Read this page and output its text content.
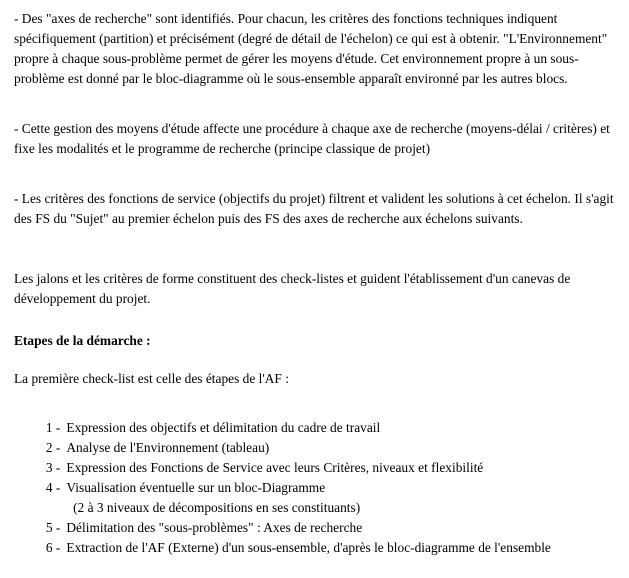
- Des "axes de recherche" sont identifiés. Pour chacun, les critères des fonctions techniques indiquent spécifiquement (partition) et précisément (degré de détail de l'échelon) ce qui est à obtenir. "L'Environnement" propre à chaque sous-problème permet de gérer les moyens d'étude. Cet environnement propre à un sous-problème est donné par le bloc-diagramme où le sous-ensemble apparaît environné par les autres blocs.

- Cette gestion des moyens d'étude affecte une procédure à chaque axe de recherche (moyens-délai / critères) et fixe les modalités et le programme de recherche (principe classique de projet)

- Les critères des fonctions de service (objectifs du projet) filtrent et valident les solutions à cet échelon. Il s'agit des FS du "Sujet" au premier échelon puis des FS des axes de recherche aux échelons suivants.

Les jalons et les critères de forme constituent des check-listes et guident l'établissement d'un canevas de développement du projet.

Etapes de la démarche :

La première check-list est celle des étapes de l'AF :

1 - Expression des objectifs et délimitation du cadre de travail

2 - Analyse de l'Environnement (tableau)

3 - Expression des Fonctions de Service avec leurs Critères, niveaux et flexibilité

4 - Visualisation éventuelle sur un bloc-Diagramme

(2 à 3 niveaux de décompositions en ses constituants)

5 - Délimitation des "sous-problèmes" : Axes de recherche

6 - Extraction de l'AF (Externe) d'un sous-ensemble, d'après le bloc-diagramme de l'ensemble
